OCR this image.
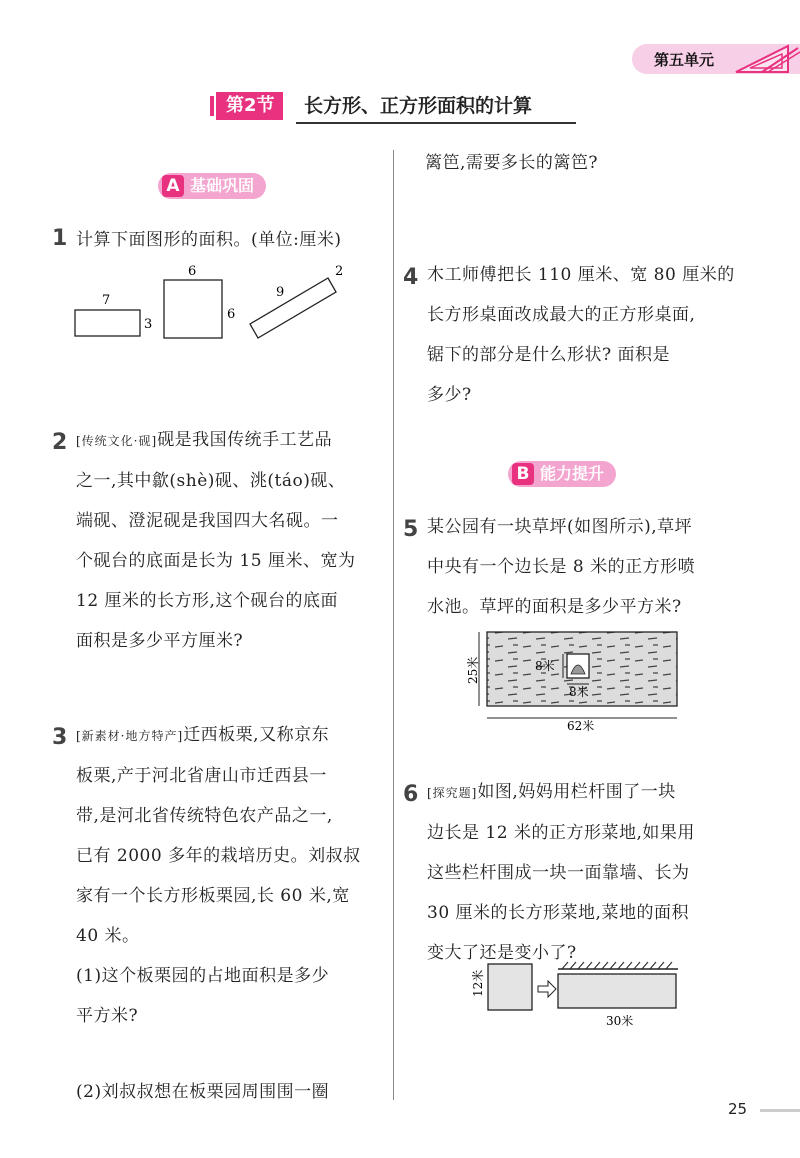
第五单元
第2节	长方形、正方形面积的计算
A 基础巩固
1 计算下面图形的面积。(单位:厘米)
7
3
6
6
9
2
2 [传统文化·砚]砚是我国传统手工艺品
之一,其中歙(shè)砚、洮(táo)砚、
端砚、澄泥砚是我国四大名砚。一
个砚台的底面是长为 15 厘米、宽为
12 厘米的长方形,这个砚台的底面
面积是多少平方厘米?
3 [新素材·地方特产]迁西板栗,又称京东
板栗,产于河北省唐山市迁西县一
带,是河北省传统特色农产品之一,
已有 2000 多年的栽培历史。刘叔叔
家有一个长方形板栗园,长 60 米,宽
40 米。
(1)这个板栗园的占地面积是多少
平方米?
(2)刘叔叔想在板栗园周围围一圈
篱笆,需要多长的篱笆?
4 木工师傅把长 110 厘米、宽 80 厘米的
长方形桌面改成最大的正方形桌面,
锯下的部分是什么形状? 面积是
多少?
B 能力提升
5 某公园有一块草坪(如图所示),草坪
中央有一个边长是 8 米的正方形喷
水池。草坪的面积是多少平方米?
25米
62米
8米
8米
6 [探究题]如图,妈妈用栏杆围了一块
边长是 12 米的正方形菜地,如果用
这些栏杆围成一块一面靠墙、长为
30 厘米的长方形菜地,菜地的面积
变大了还是变小了?
12米
30米
25
